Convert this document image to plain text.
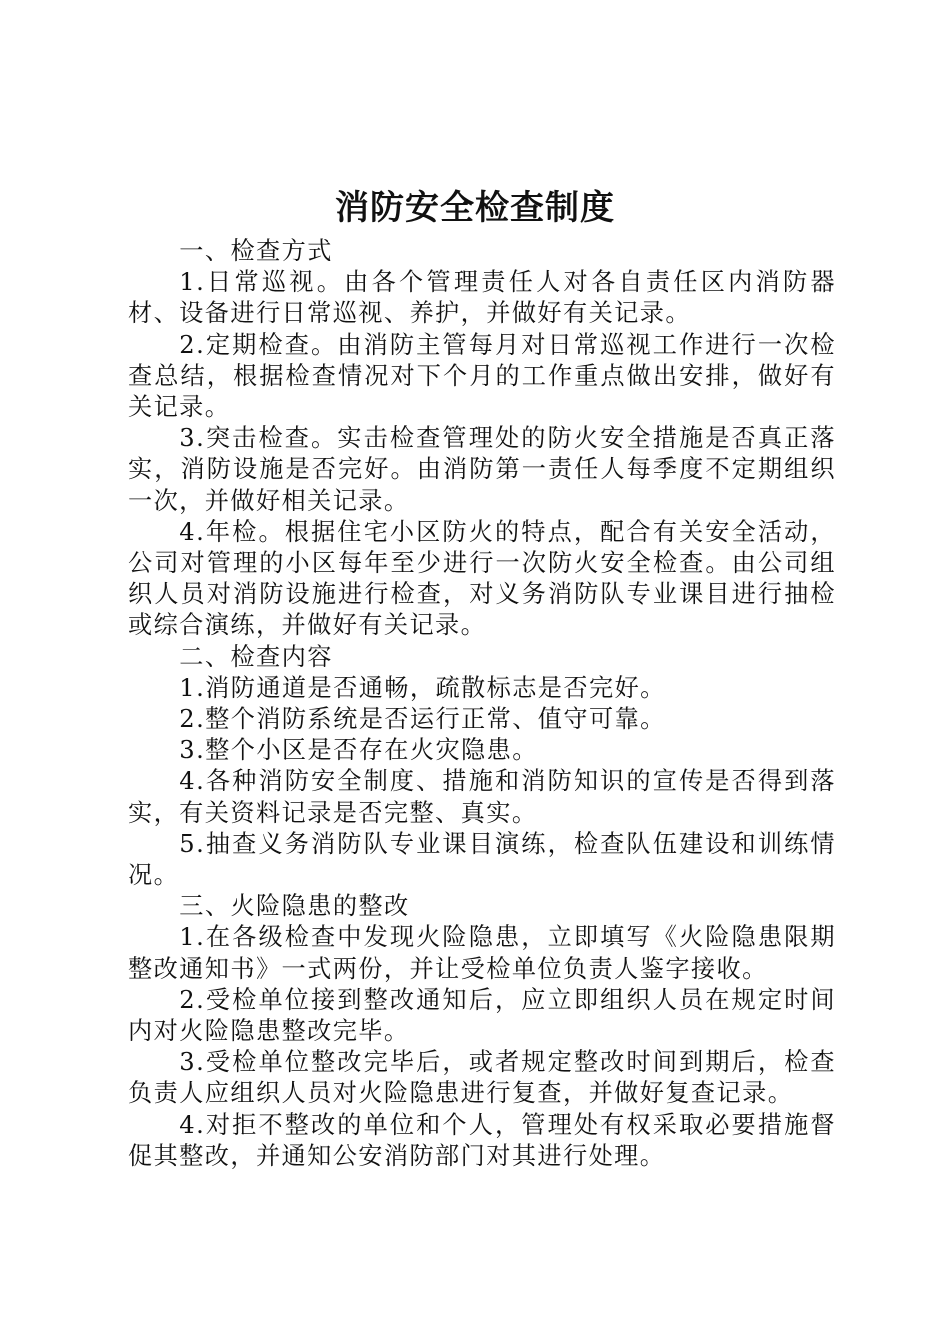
消防安全检查制度

一、检查方式

1.日常巡视。由各个管理责任人对各自责任区内消防器材、设备进行日常巡视、养护，并做好有关记录。

2.定期检查。由消防主管每月对日常巡视工作进行一次检查总结，根据检查情况对下个月的工作重点做出安排，做好有关记录。

3.突击检查。实击检查管理处的防火安全措施是否真正落实，消防设施是否完好。由消防第一责任人每季度不定期组织一次，并做好相关记录。

4.年检。根据住宅小区防火的特点，配合有关安全活动，公司对管理的小区每年至少进行一次防火安全检查。由公司组织人员对消防设施进行检查，对义务消防队专业课目进行抽检或综合演练，并做好有关记录。

二、检查内容

1.消防通道是否通畅，疏散标志是否完好。

2.整个消防系统是否运行正常、值守可靠。

3.整个小区是否存在火灾隐患。

4.各种消防安全制度、措施和消防知识的宣传是否得到落实，有关资料记录是否完整、真实。

5.抽查义务消防队专业课目演练，检查队伍建设和训练情况。

三、火险隐患的整改

1.在各级检查中发现火险隐患，立即填写《火险隐患限期整改通知书》一式两份，并让受检单位负责人鉴字接收。

2.受检单位接到整改通知后，应立即组织人员在规定时间内对火险隐患整改完毕。

3.受检单位整改完毕后，或者规定整改时间到期后，检查负责人应组织人员对火险隐患进行复查，并做好复查记录。

4.对拒不整改的单位和个人，管理处有权采取必要措施督促其整改，并通知公安消防部门对其进行处理。
